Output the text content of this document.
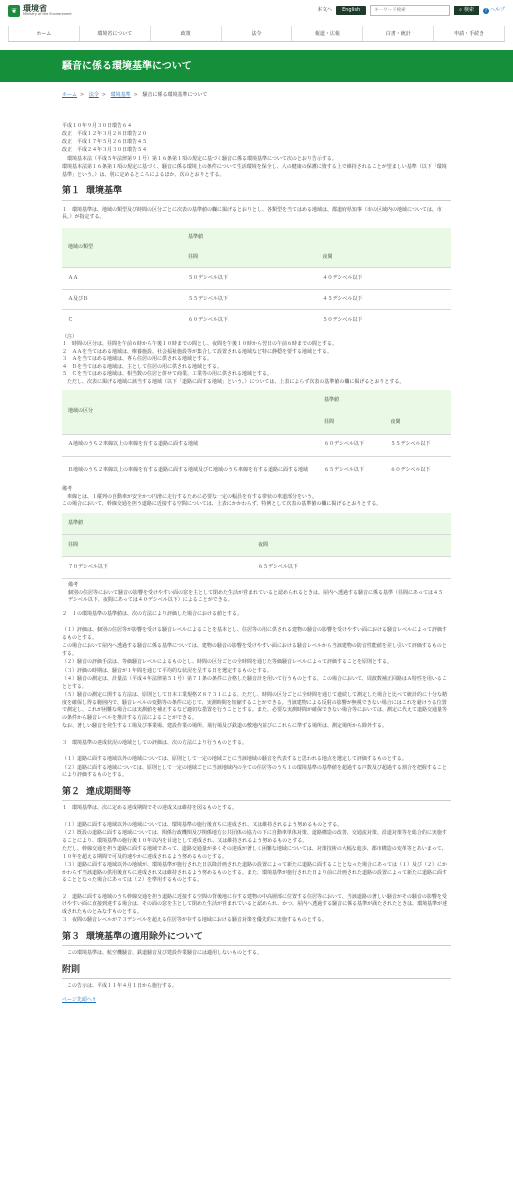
❦ 環境省
Ministry of the Environment
本文へ	English
キーワード検索	⌕ 検索	? ヘルプ
ホーム	環境省について	政策	法令	報道・広報	白書・統計	申請・手続き
騒音に係る環境基準について
ホーム > 法令 > 環境基準 > 騒音に係る環境基準について

平成１０年９月３０日環告６４

改正　平成１２年３月２８日環告２０

改正　平成１７年５月２６日環告４５

改正　平成２４年３月３０日環告５４

　環境基本法（平成５年法律第９１号）第１６条第１項の規定に基づく騒音に係る環境基準について次のとおり告示する。

環境基本法第１６条第１項の規定に基づく、騒音に係る環境上の条件について生活環境を保全し、人の健康の保護に資する上で維持されることが望ましい基準（以下「環境基準」という。）は、別に定めるところによるほか、次のとおりとする。

第１ 環境基準

１　環境基準は、地域の類型及び時間の区分ごとに次表の基準値の欄に掲げるとおりとし、各類型を当てはめる地域は、都道府県知事（市の区域内の地域については、市長。）が指定する。

地域の類型	基準値	
	昼間	夜間
ＡＡ	５０デシベル以下	４０デシベル以下
Ａ及びＢ	５５デシベル以下	４５デシベル以下
Ｃ	６０デシベル以下	５０デシベル以下

（注）

１　時間の区分は、昼間を午前６時から午後１０時までの間とし、夜間を午後１０時から翌日の午前６時までの間とする。

２　ＡＡを当てはめる地域は、療養施設、社会福祉施設等が集合して設置される地域など特に静穏を要する地域とする。

３　Ａを当てはめる地域は、専ら住居の用に供される地域とする。

４　Ｂを当てはめる地域は、主として住居の用に供される地域とする。

５　Ｃを当てはめる地域は、相当数の住居と併せて商業、工業等の用に供される地域とする。

　ただし、次表に掲げる地域に該当する地域（以下「道路に面する地域」という。）については、上表によらず次表の基準値の欄に掲げるとおりとする。

地域の区分	基準値	
	昼間	夜間
Ａ地域のうち２車線以上の車線を有する道路に面する地域	６０デシベル以下	５５デシベル以下
Ｂ地域のうち２車線以上の車線を有する道路に面する地域及びＣ地域のうち車線を有する道路に面する地域	６５デシベル以下	６０デシベル以下

備考

　車線とは、１縦列の自動車が安全かつ円滑に走行するために必要な一定の幅員を有する帯状の車道部分をいう。

この場合において、幹線交通を担う道路に近接する空間については、上表にかかわらず、特例として次表の基準値の欄に掲げるとおりとする。

基準値	
昼間	夜間
７０デシベル以下	６５デシベル以下

備考

個別の住居等において騒音の影響を受けやすい面の窓を主として閉めた生活が営まれていると認められるときは、屋内へ透過する騒音に係る基準（昼間にあっては４５デシベル以下、夜間にあっては４０デシベル以下）によることができる。	

２　１の環境基準の基準値は、次の方法により評価した場合における値とする。

（１）評価は、個別の住居等が影響を受ける騒音レベルによることを基本とし、住居等の用に供される建物の騒音の影響を受けやすい面における騒音レベルによって評価するものとする。

この場合において屋内へ透過する騒音に係る基準については、建物の騒音の影響を受けやすい面における騒音レベルから当該建物の防音性能値を差し引いて評価するものとする。

（２）騒音の評価手法は、等価騒音レベルによるものとし、時間の区分ごとの全時間を通じた等価騒音レベルによって評価することを原則とする。

（３）評価の時期は、騒音が１年間を通じて平均的な状況を呈する日を選定するものとする。

（４）騒音の測定は、計量法（平成４年法律第５１号）第７１条の条件に合格した騒音計を用いて行うものとする。この場合において、周波数補正回路はＡ特性を用いることとする。

（５）騒音の測定に関する方法は、原則として日本工業規格Ｚ８７３１による。ただし、時間の区分ごとに全時間を通じて連続して測定した場合と比べて統計的に十分な精度を確保し得る範囲内で、騒音レベルの変動等の条件に応じて、実測時間を短縮することができる。当該建物による反射の影響が無視できない場合にはこれを避けうる位置で測定し、これが困難な場合には実測値を補正するなど適切な措置を行うこととする。また、必要な実測時間が確保できない場合等においては、測定に代えて道路交通量等の条件から騒音レベルを推計する方法によることができる。

なお、著しい騒音を発生する工場及び事業場、建設作業の場所、飛行場及び鉄道の敷地内並びにこれらに準ずる場所は、測定場所から除外する。

３　環境基準の達成状況の地域としての評価は、次の方法により行うものとする。

（１）道路に面する地域以外の地域については、原則として一定の地域ごとに当該地域の騒音を代表すると思われる地点を選定して評価するものとする。

（２）道路に面する地域については、原則として一定の地域ごとに当該地域内の全ての住居等のうち１の環境基準の基準値を超過する戸数及び超過する割合を把握することにより評価するものとする。

第２ 達成期間等

１　環境基準は、次に定める達成期間でその達成又は維持を図るものとする。

（１）道路に面する地域以外の地域については、環境基準の施行後直ちに達成され、又は維持されるよう努めるものとする。

（２）既設の道路に面する地域については、関係行政機関及び関係地方公共団体の協力の下に自動車単体対策、道路構造の改善、交通流対策、沿道対策等を総合的に実施することにより、環境基準の施行後１０年以内を目途として達成され、又は維持されるよう努めるものとする。

ただし、幹線交通を担う道路に面する地域であって、道路交通量が多くその達成が著しく困難な地域については、対策技術の大幅な進歩、都市構造の変革等とあいまって、１０年を超える期間で可及的速やかに達成されるよう努めるものとする。

（３）道路に面する地域以外の地域が、環境基準が施行された日以降計画された道路の設置によって新たに道路に面することとなった場合にあっては（１）及び（２）にかかわらず当該道路の供用後直ちに達成され又は維持されるよう努めるものとする。また、環境基準が施行された日より前に計画された道路の設置によって新たに道路に面することとなった場合にあっては（２）を準用するものとする。

２　道路に面する地域のうち幹線交通を担う道路に近接する空間の背後地に存する建物の中高層部に位置する住居等において、当該道路の著しい騒音がその騒音の影響を受けやすい面に直接到達する場合は、その面の窓を主として閉めた生活が営まれていると認められ、かつ、屋内へ透過する騒音に係る基準が満たされたときは、環境基準が達成されたものとみなすものとする。

３　夜間の騒音レベルが７３デシベルを超える住居等が存する地域における騒音対策を優先的に実施するものとする。

第３ 環境基準の適用除外について

　この環境基準は、航空機騒音、鉄道騒音及び建設作業騒音には適用しないものとする。

附則

　この告示は、平成１１年４月１日から施行する。

ページ先頭へ↑
